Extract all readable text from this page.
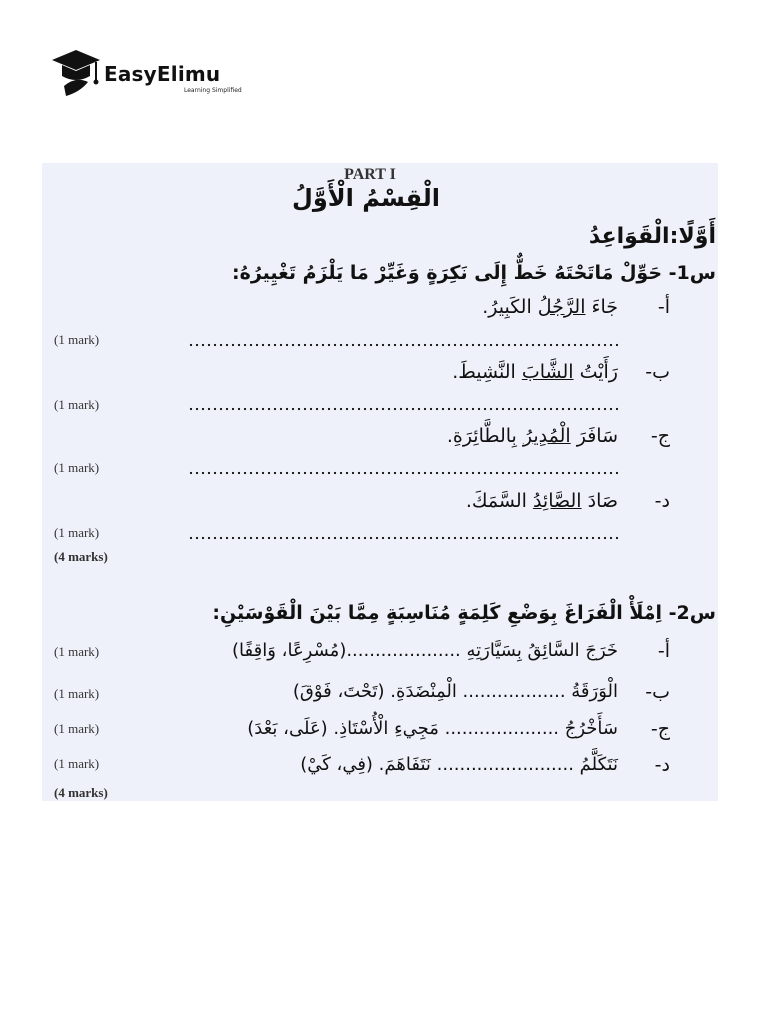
EasyElimu
Learning Simplified
PART I
الْقِسْمُ الْأَوَّلُ
أَوَّلًا:الْقَوَاعِدُ
س1- حَوِّلْ مَاتَحْتَهُ خَطٌّ إِلَى نَكِرَةٍ وَغَيِّرْ مَا يَلْزَمُ تَغْيِيرُهُ:
أ-
جَاءَ الرَّجُلُ الكَبِيرُ.
(1 mark)
ب-
رَأَيْتُ الشَّابَ النَّشِيطَ.
(1 mark)
ج-
سَافَرَ الْمُدِيرُ بِالطَّائِرَةِ.
(1 mark)
د-
صَادَ الصَّائِدُ السَّمَكَ.
(1 mark)
(4 marks)
س2- اِمْلَأْ الْفَرَاغَ بِوَضْعِ كَلِمَةٍ مُنَاسِبَةٍ مِمَّا بَيْنَ الْقَوْسَيْنِ:
أ-
خَرَجَ السَّائِقُ بِسَيَّارَتِهِ ....................(مُسْرِعًا، وَاقِفًا)
(1 mark)
ب-
الْوَرَقَةُ .................. الْمِنْضَدَةِ. (تَحْتَ، فَوْقَ)
(1 mark)
ج-
سَأَخْرُجُ .................... مَجِيءِ الْأُسْتَاذِ. (عَلَى، بَعْدَ)
(1 mark)
د-
نَتَكَلَّمُ ........................ نَتَفَاهَمَ. (فِي، كَيْ)
(1 mark)
(4 marks)
